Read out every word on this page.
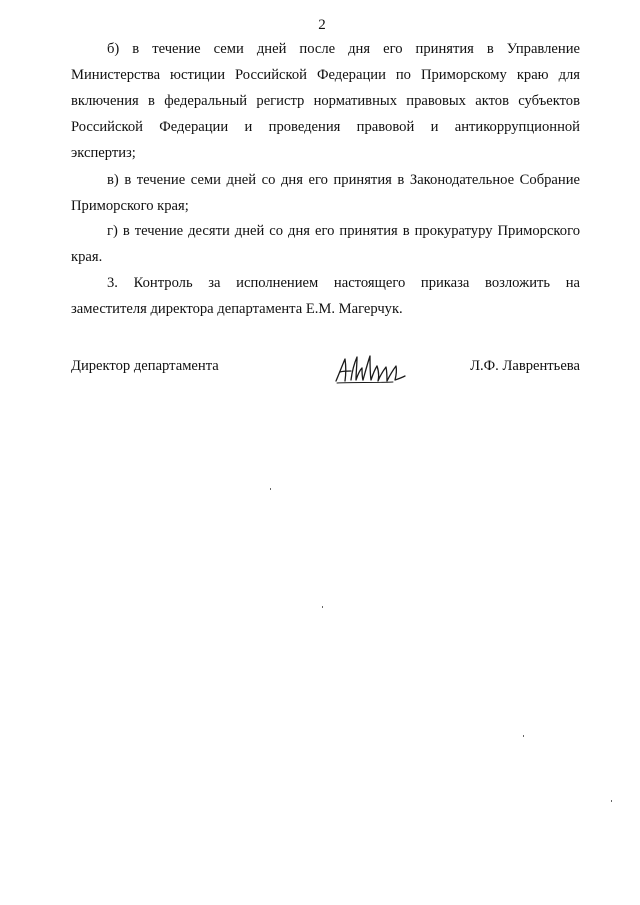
2
б) в течение семи дней после дня его принятия в Управление
Министерства юстиции Российской Федерации по Приморскому краю для
включения в федеральный регистр нормативных правовых актов субъектов
Российской Федерации и проведения правовой и антикоррупционной
экспертиз;
в) в течение семи дней со дня его принятия в Законодательное Собрание
Приморского края;
г) в течение десяти дней со дня его принятия в прокуратуру Приморского
края.
3. Контроль за исполнением настоящего приказа возложить на
заместителя директора департамента Е.М. Магерчук.
Директор департамента	Л.Ф. Лаврентьева
